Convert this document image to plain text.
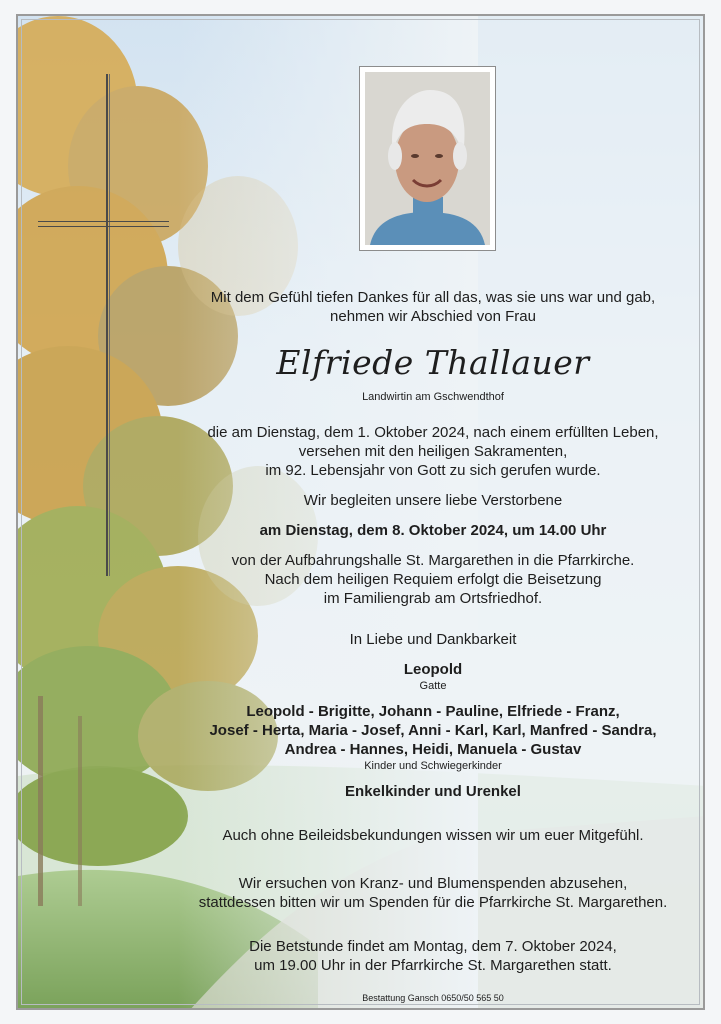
Mit dem Gefühl tiefen Dankes für all das, was sie uns war und gab,
nehmen wir Abschied von Frau
Elfriede Thallauer
Landwirtin am Gschwendthof
die am Dienstag, dem 1. Oktober 2024, nach einem erfüllten Leben,
versehen mit den heiligen Sakramenten,
im 92. Lebensjahr von Gott zu sich gerufen wurde.
Wir begleiten unsere liebe Verstorbene
am Dienstag, dem 8. Oktober 2024, um 14.00 Uhr
von der Aufbahrungshalle St. Margarethen in die Pfarrkirche.
Nach dem heiligen Requiem erfolgt die Beisetzung
im Familiengrab am Ortsfriedhof.
In Liebe und Dankbarkeit
Leopold
Gatte
Leopold - Brigitte, Johann - Pauline, Elfriede - Franz,
Josef - Herta, Maria - Josef, Anni - Karl, Karl, Manfred - Sandra,
Andrea - Hannes, Heidi, Manuela - Gustav
Kinder und Schwiegerkinder
Enkelkinder und Urenkel
Auch ohne Beileidsbekundungen wissen wir um euer Mitgefühl.
Wir ersuchen von Kranz- und Blumenspenden abzusehen,
stattdessen bitten wir um Spenden für die Pfarrkirche St. Margarethen.
Die Betstunde findet am Montag, dem 7. Oktober 2024,
um 19.00 Uhr in der Pfarrkirche St. Margarethen statt.
Bestattung Gansch 0650/50 565 50
